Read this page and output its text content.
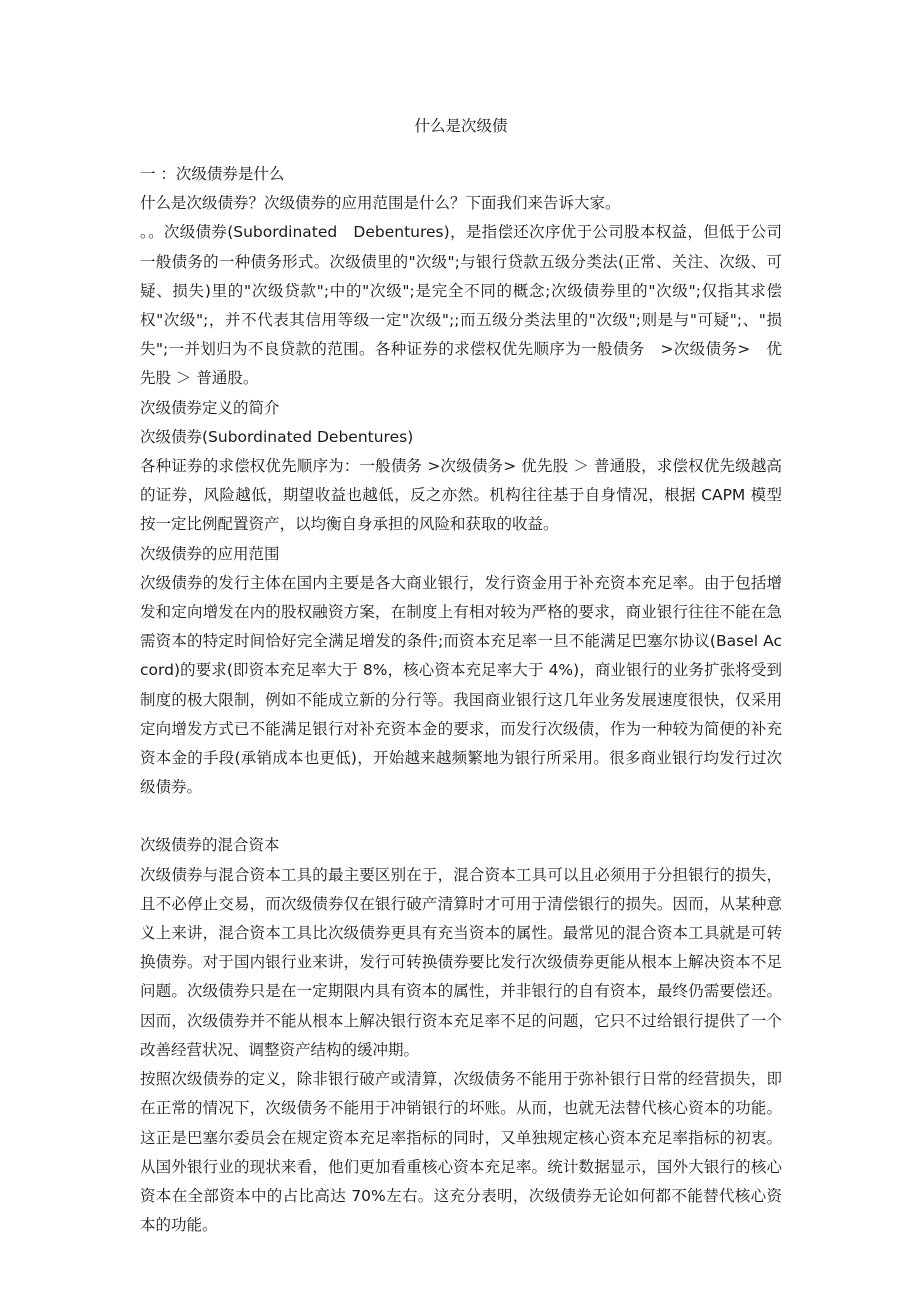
什么是次级债
一 ：次级债券是什么
什么是次级债券？次级债券的应用范围是什么？下面我们来告诉大家。
。。次级债券(Subordinated　Debentures)，是指偿还次序优于公司股本权益，但低于公司一般债务的一种债务形式。次级债里的"次级";与银行贷款五级分类法(正常、关注、次级、可疑、损失)里的"次级贷款";中的"次级";是完全不同的概念;次级债券里的"次级";仅指其求偿权"次级";，并不代表其信用等级一定"次级";;而五级分类法里的"次级";则是与"可疑";、"损失";一并划归为不良贷款的范围。各种证券的求偿权优先顺序为一般债务　>次级债务>　优先股 ＞ 普通股。
次级债券定义的简介
次级债券(Subordinated Debentures)
各种证券的求偿权优先顺序为：一般债务 >次级债务> 优先股 ＞ 普通股，求偿权优先级越高的证券，风险越低，期望收益也越低，反之亦然。机构往往基于自身情况，根据 CAPM 模型按一定比例配置资产，以均衡自身承担的风险和获取的收益。
次级债券的应用范围
次级债券的发行主体在国内主要是各大商业银行，发行资金用于补充资本充足率。由于包括增发和定向增发在内的股权融资方案，在制度上有相对较为严格的要求，商业银行往往不能在急需资本的特定时间恰好完全满足增发的条件;而资本充足率一旦不能满足巴塞尔协议(Basel Accord)的要求(即资本充足率大于 8%，核心资本充足率大于 4%)，商业银行的业务扩张将受到制度的极大限制，例如不能成立新的分行等。我国商业银行这几年业务发展速度很快，仅采用定向增发方式已不能满足银行对补充资本金的要求，而发行次级债，作为一种较为简便的补充资本金的手段(承销成本也更低)，开始越来越频繁地为银行所采用。很多商业银行均发行过次级债券。
次级债券的混合资本
次级债券与混合资本工具的最主要区别在于，混合资本工具可以且必须用于分担银行的损失，且不必停止交易，而次级债券仅在银行破产清算时才可用于清偿银行的损失。因而，从某种意义上来讲，混合资本工具比次级债券更具有充当资本的属性。最常见的混合资本工具就是可转换债券。对于国内银行业来讲，发行可转换债券要比发行次级债券更能从根本上解决资本不足问题。次级债券只是在一定期限内具有资本的属性，并非银行的自有资本，最终仍需要偿还。因而，次级债券并不能从根本上解决银行资本充足率不足的问题，它只不过给银行提供了一个改善经营状况、调整资产结构的缓冲期。
按照次级债券的定义，除非银行破产或清算，次级债务不能用于弥补银行日常的经营损失，即在正常的情况下，次级债务不能用于冲销银行的坏账。从而，也就无法替代核心资本的功能。这正是巴塞尔委员会在规定资本充足率指标的同时，又单独规定核心资本充足率指标的初衷。从国外银行业的现状来看，他们更加看重核心资本充足率。统计数据显示，国外大银行的核心资本在全部资本中的占比高达 70%左右。这充分表明，次级债券无论如何都不能替代核心资本的功能。
